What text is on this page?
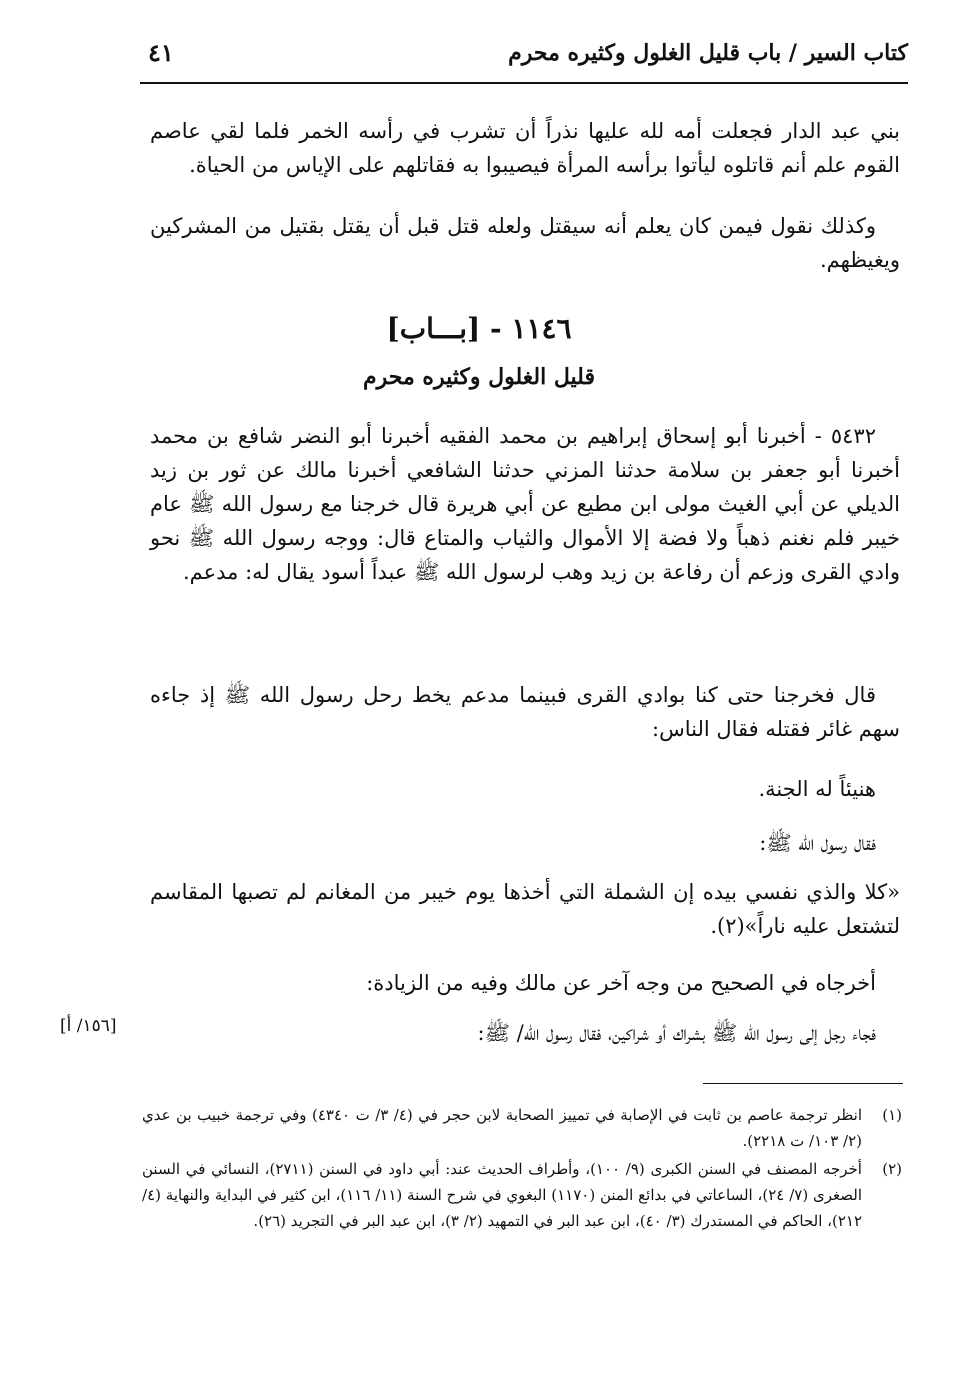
كتاب السير / باب قليل الغلول وكثيره محرم
٤١

بني عبد الدار فجعلت أمه لله عليها نذراً أن تشرب في رأسه الخمر فلما لقي عاصم القوم علم أنم قاتلوه ليأتوا برأسه المرأة فيصيبوا به فقاتلهم على الإياس من الحياة.

وكذلك نقول فيمن كان يعلم أنه سيقتل ولعله قتل قبل أن يقتل بقتيل من المشركين ويغيظهم.

١١٤٦ - [بـــاب]
قليل الغلول وكثيره محرم

٥٤٣٢ - أخبرنا أبو إسحاق إبراهيم بن محمد الفقيه أخبرنا أبو النضر شافع بن محمد أخبرنا أبو جعفر بن سلامة حدثنا المزني حدثنا الشافعي أخبرنا مالك عن ثور بن زيد الديلي عن أبي الغيث مولى ابن مطيع عن أبي هريرة قال خرجنا مع رسول الله ﷺ عام خيبر فلم نغنم ذهباً ولا فضة إلا الأموال والثياب والمتاع قال: ووجه رسول الله ﷺ نحو وادي القرى وزعم أن رفاعة بن زيد وهب لرسول الله ﷺ عبداً أسود يقال له: مدعم.

قال فخرجنا حتى كنا بوادي القرى فبينما مدعم يخط رحل رسول الله ﷺ إذ جاءه سهم غائر فقتله فقال الناس:

هنيئاً له الجنة.

فقال رسول الله ﷺ:

«كلا والذي نفسي بيده إن الشملة التي أخذها يوم خيبر من المغانم لم تصبها المقاسم لتشتعل عليه ناراً»(٢).

أخرجاه في الصحيح من وجه آخر عن مالك وفيه من الزيادة:

فجاء رجل إلى رسول الله ﷺ بشراك أو شراكين، فقال رسول الله/ ﷺ:

[١٥٦/ أ]
(١)
انظر ترجمة عاصم بن ثابت في الإصابة في تمييز الصحابة لابن حجر في (٤/ ٣/ ت ٤٣٤٠) وفي ترجمة خبيب بن عدي (٢/ ١٠٣/ ت ٢٢١٨).
(٢)
أخرجه المصنف في السنن الكبرى (٩/ ١٠٠)، وأطراف الحديث عند: أبي داود في السنن (٢٧١١)، النسائي في السنن الصغرى (٧/ ٢٤)، الساعاتي في بدائع المنن (١١٧٠) البغوي في شرح السنة (١١/ ١١٦)، ابن كثير في البداية والنهاية (٤/ ٢١٢)، الحاكم في المستدرك (٣/ ٤٠)، ابن عبد البر في التمهيد (٢/ ٣)، ابن عبد البر في التجريد (٢٦).
